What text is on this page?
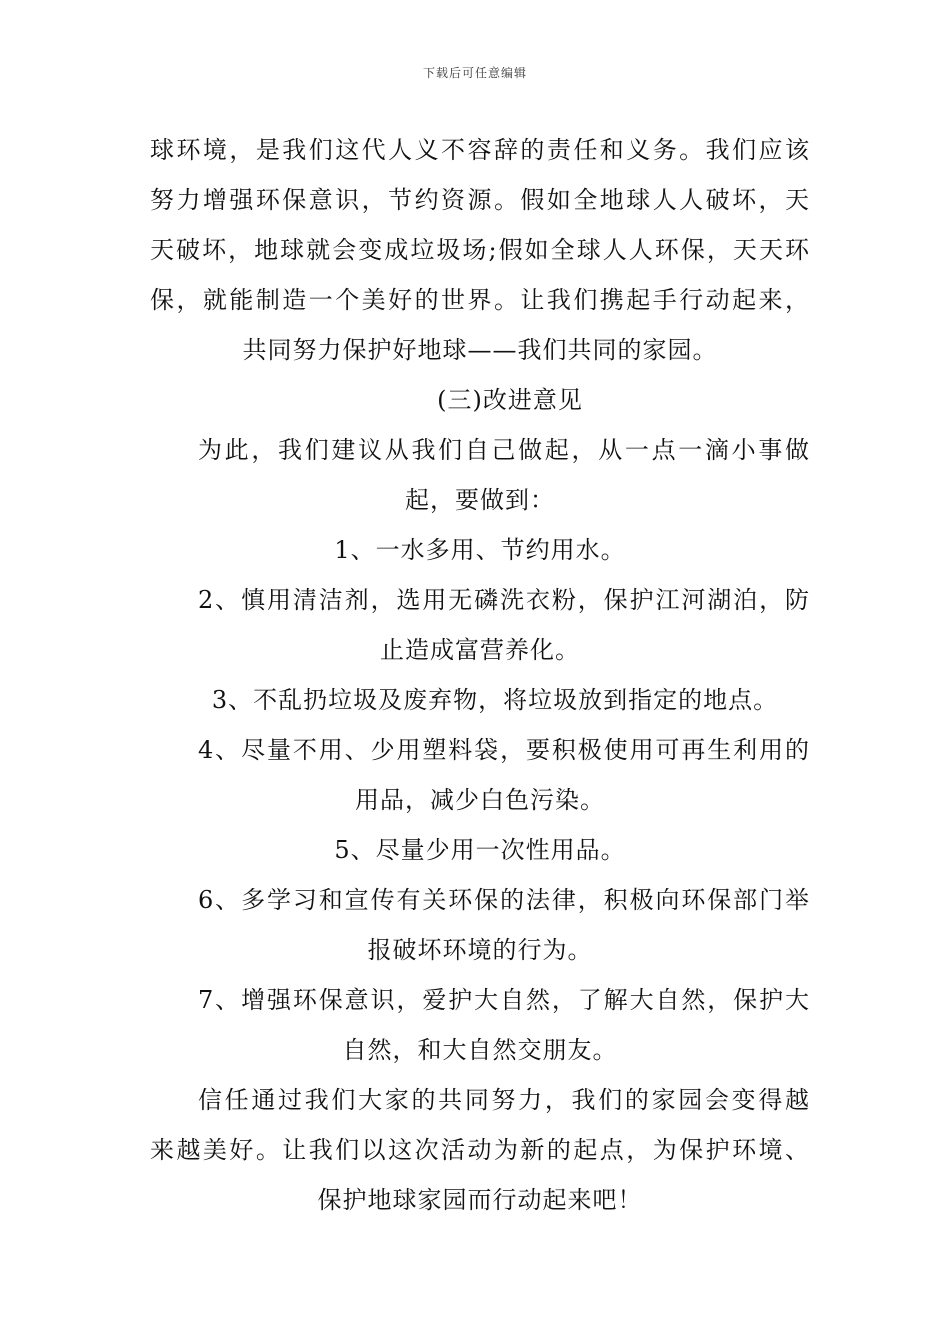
下载后可任意编辑
球环境，是我们这代人义不容辞的责任和义务。我们应该
努力增强环保意识，节约资源。假如全地球人人破坏，天
天破坏，地球就会变成垃圾场;假如全球人人环保，天天环
保，就能制造一个美好的世界。让我们携起手行动起来，
共同努力保护好地球——我们共同的家园。
(三)改进意见
为此，我们建议从我们自己做起，从一点一滴小事做
起，要做到：
1、一水多用、节约用水。
2、慎用清洁剂，选用无磷洗衣粉，保护江河湖泊，防
止造成富营养化。
3、不乱扔垃圾及废弃物，将垃圾放到指定的地点。
4、尽量不用、少用塑料袋，要积极使用可再生利用的
用品，减少白色污染。
5、尽量少用一次性用品。
6、多学习和宣传有关环保的法律，积极向环保部门举
报破坏环境的行为。
7、增强环保意识，爱护大自然，了解大自然，保护大
自然，和大自然交朋友。
信任通过我们大家的共同努力，我们的家园会变得越
来越美好。让我们以这次活动为新的起点，为保护环境、
保护地球家园而行动起来吧！
